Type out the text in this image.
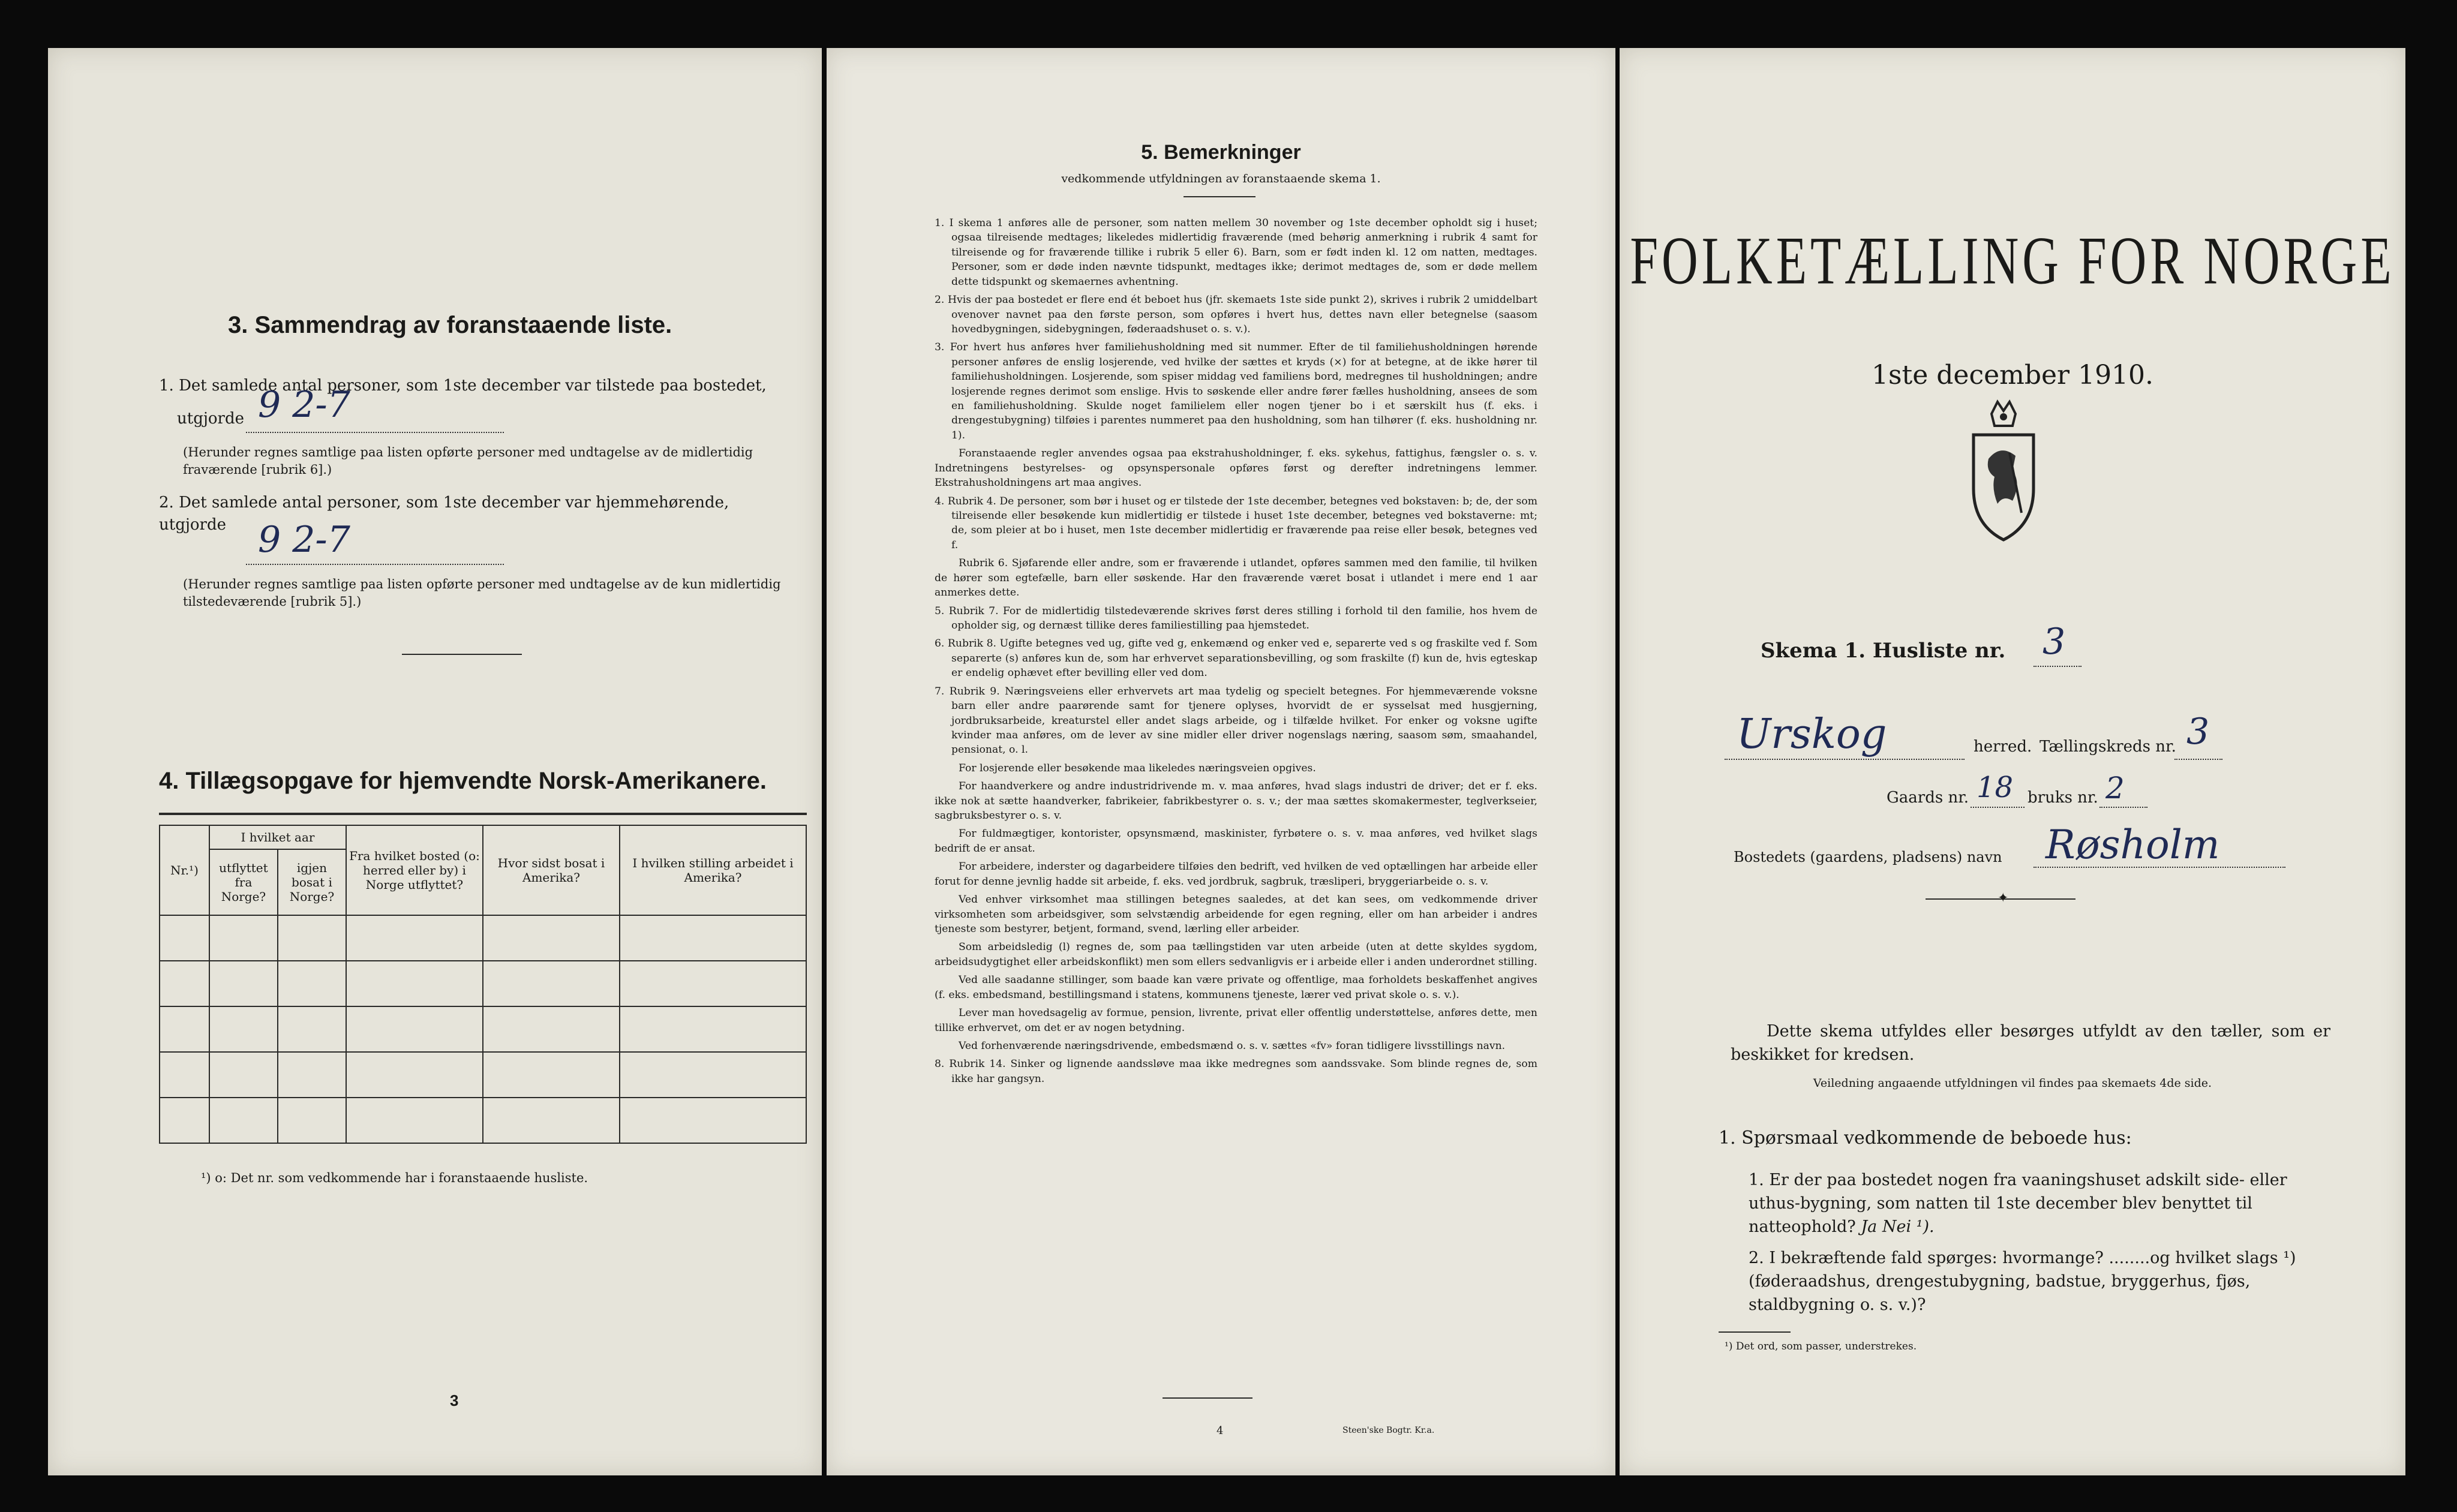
3. Sammendrag av foranstaaende liste.
1. Det samlede antal personer, som 1ste december var tilstede paa bostedet,
utgjorde 9 2-7
(Herunder regnes samtlige paa listen opførte personer med undtagelse av de midlertidig fraværende [rubrik 6].)
2. Det samlede antal personer, som 1ste december var hjemmehørende, utgjorde 9 2-7
(Herunder regnes samtlige paa listen opførte personer med undtagelse av de kun midlertidig tilstedeværende [rubrik 5].)
4. Tillægsopgave for hjemvendte Norsk-Amerikanere.
Nr.¹)	I hvilket aar		Fra hvilket bosted (o: herred eller by) i Norge utflyttet?	Hvor sidst bosat i Amerika?	I hvilken stilling arbeidet i Amerika?
	utflyttet fra Norge?	igjen bosat i Norge?			

¹) o: Det nr. som vedkommende har i foranstaaende husliste.
3
5. Bemerkninger
vedkommende utfyldningen av foranstaaende skema 1.
1. I skema 1 anføres alle de personer, som natten mellem 30 november og 1ste december opholdt sig i huset; ogsaa tilreisende medtages; likeledes midlertidig fraværende (med behørig anmerkning i rubrik 4 samt for tilreisende og for fraværende tillike i rubrik 5 eller 6). Barn, som er født inden kl. 12 om natten, medtages. Personer, som er døde inden nævnte tidspunkt, medtages ikke; derimot medtages de, som er døde mellem dette tidspunkt og skemaernes avhentning.
2. Hvis der paa bostedet er flere end ét beboet hus (jfr. skemaets 1ste side punkt 2), skrives i rubrik 2 umiddelbart ovenover navnet paa den første person, som opføres i hvert hus, dettes navn eller betegnelse (saasom hovedbygningen, sidebygningen, føderaadshuset o. s. v.).
3. For hvert hus anføres hver familiehusholdning med sit nummer. Efter de til familiehusholdningen hørende personer anføres de enslig losjerende, ved hvilke der sættes et kryds (×) for at betegne, at de ikke hører til familiehusholdningen. Losjerende, som spiser middag ved familiens bord, medregnes til husholdningen; andre losjerende regnes derimot som enslige. Hvis to søskende eller andre fører fælles husholdning, ansees de som en familiehusholdning. Skulde noget familielem eller nogen tjener bo i et særskilt hus (f. eks. i drengestubygning) tilføies i parentes nummeret paa den husholdning, som han tilhører (f. eks. husholdning nr. 1).
Foranstaaende regler anvendes ogsaa paa ekstrahusholdninger, f. eks. sykehus, fattighus, fængsler o. s. v. Indretningens bestyrelses- og opsynspersonale opføres først og derefter indretningens lemmer. Ekstrahusholdningens art maa angives.
4. Rubrik 4. De personer, som bør i huset og er tilstede der 1ste december, betegnes ved bokstaven: b; de, der som tilreisende eller besøkende kun midlertidig er tilstede i huset 1ste december, betegnes ved bokstaverne: mt; de, som pleier at bo i huset, men 1ste december midlertidig er fraværende paa reise eller besøk, betegnes ved f.
Rubrik 6. Sjøfarende eller andre, som er fraværende i utlandet, opføres sammen med den familie, til hvilken de hører som egtefælle, barn eller søskende. Har den fraværende været bosat i utlandet i mere end 1 aar anmerkes dette.
5. Rubrik 7. For de midlertidig tilstedeværende skrives først deres stilling i forhold til den familie, hos hvem de opholder sig, og dernæst tillike deres familiestilling paa hjemstedet.
6. Rubrik 8. Ugifte betegnes ved ug, gifte ved g, enkemænd og enker ved e, separerte ved s og fraskilte ved f. Som separerte (s) anføres kun de, som har erhvervet separationsbevilling, og som fraskilte (f) kun de, hvis egteskap er endelig ophævet efter bevilling eller ved dom.
7. Rubrik 9. Næringsveiens eller erhvervets art maa tydelig og specielt betegnes. For hjemmeværende voksne barn eller andre paarørende samt for tjenere oplyses, hvorvidt de er sysselsat med husgjerning, jordbruksarbeide, kreaturstel eller andet slags arbeide, og i tilfælde hvilket. For enker og voksne ugifte kvinder maa anføres, om de lever av sine midler eller driver nogenslags næring, saasom søm, smaahandel, pensionat, o. l.
For losjerende eller besøkende maa likeledes næringsveien opgives.
For haandverkere og andre industridrivende m. v. maa anføres, hvad slags industri de driver; det er f. eks. ikke nok at sætte haandverker, fabrikeier, fabrikbestyrer o. s. v.; der maa sættes skomakermester, teglverkseier, sagbruksbestyrer o. s. v.
For fuldmægtiger, kontorister, opsynsmænd, maskinister, fyrbøtere o. s. v. maa anføres, ved hvilket slags bedrift de er ansat.
For arbeidere, inderster og dagarbeidere tilføies den bedrift, ved hvilken de ved optællingen har arbeide eller forut for denne jevnlig hadde sit arbeide, f. eks. ved jordbruk, sagbruk, træsliperi, bryggeriarbeide o. s. v.
Ved enhver virksomhet maa stillingen betegnes saaledes, at det kan sees, om vedkommende driver virksomheten som arbeidsgiver, som selvstændig arbeidende for egen regning, eller om han arbeider i andres tjeneste som bestyrer, betjent, formand, svend, lærling eller arbeider.
Som arbeidsledig (l) regnes de, som paa tællingstiden var uten arbeide (uten at dette skyldes sygdom, arbeidsudygtighet eller arbeidskonflikt) men som ellers sedvanligvis er i arbeide eller i anden underordnet stilling.
Ved alle saadanne stillinger, som baade kan være private og offentlige, maa forholdets beskaffenhet angives (f. eks. embedsmand, bestillingsmand i statens, kommunens tjeneste, lærer ved privat skole o. s. v.).
Lever man hovedsagelig av formue, pension, livrente, privat eller offentlig understøttelse, anføres dette, men tillike erhvervet, om det er av nogen betydning.
Ved forhenværende næringsdrivende, embedsmænd o. s. v. sættes «fv» foran tidligere livsstillings navn.
8. Rubrik 14. Sinker og lignende aandssløve maa ikke medregnes som aandssvake. Som blinde regnes de, som ikke har gangsyn.
4	Steen'ske Bogtr. Kr.a.
FOLKETÆLLING FOR NORGE
1ste december 1910.
Skema 1. Husliste nr. 3
Urskog	herred. Tællingskreds nr. 3
Gaards nr. 18 bruks nr. 2
Bostedets (gaardens, pladsens) navn Røsholm
✦
Dette skema utfyldes eller besørges utfyldt av den tæller, som er beskikket for kredsen.
Veiledning angaaende utfyldningen vil findes paa skemaets 4de side.
1. Spørsmaal vedkommende de beboede hus:
1. Er der paa bostedet nogen fra vaaningshuset adskilt side- eller uthus-bygning, som natten til 1ste december blev benyttet til natteophold? Ja Nei ¹).
2. I bekræftende fald spørges: hvormange? ........og hvilket slags ¹) (føderaadshus, drengestubygning, badstue, bryggerhus, fjøs, staldbygning o. s. v.)?
¹) Det ord, som passer, understrekes.
